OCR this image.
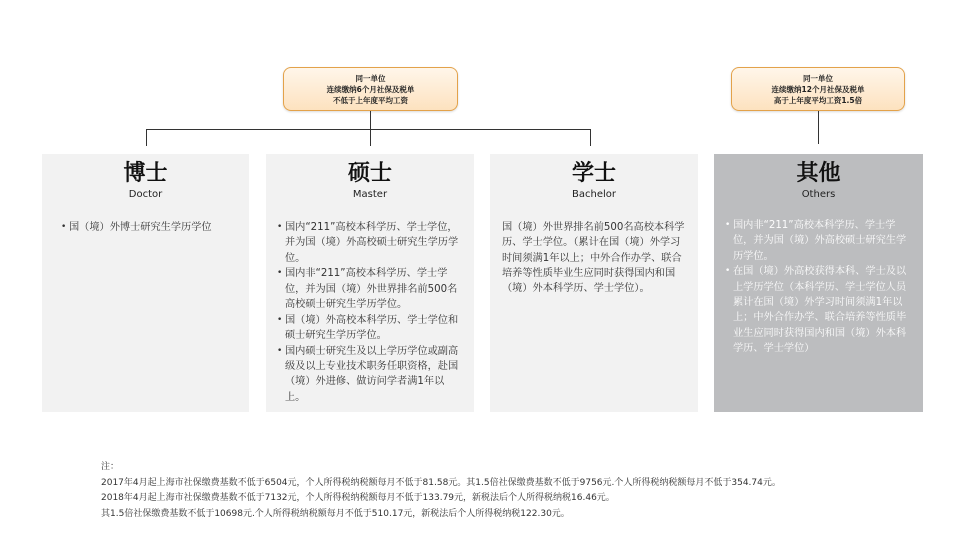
同一单位
连续缴纳6个月社保及税单
不低于上年度平均工资
同一单位
连续缴纳12个月社保及税单
高于上年度平均工资1.5倍
博士
Doctor
• 国（境）外博士研究生学历学位
硕士
Master
• 国内“211”高校本科学历、学士学位，并为国（境）外高校硕士研究生学历学位。
• 国内非“211”高校本科学历、学士学位，并为国（境）外世界排名前500名高校硕士研究生学历学位。
• 国（境）外高校本科学历、学士学位和硕士研究生学历学位。
• 国内硕士研究生及以上学历学位或副高级及以上专业技术职务任职资格，赴国（境）外进修、做访问学者满1年以上。
学士
Bachelor
国（境）外世界排名前500名高校本科学历、学士学位。（累计在国（境）外学习时间须满1年以上；中外合作办学、联合培养等性质毕业生应同时获得国内和国（境）外本科学历、学士学位）。
其他
Others
• 国内非“211”高校本科学历、学士学位，并为国（境）外高校硕士研究生学历学位。
• 在国（境）外高校获得本科、学士及以上学历学位（本科学历、学士学位人员累计在国（境）外学习时间须满1年以上；中外合作办学、联合培养等性质毕业生应同时获得国内和国（境）外本科学历、学士学位）
注：
2017年4月起上海市社保缴费基数不低于6504元，个人所得税纳税额每月不低于81.58元。其1.5倍社保缴费基数不低于9756元.个人所得税纳税额每月不低于354.74元。
2018年4月起上海市社保缴费基数不低于7132元，个人所得税纳税额每月不低于133.79元，新税法后个人所得税纳税16.46元。
其1.5倍社保缴费基数不低于10698元.个人所得税纳税额每月不低于510.17元，新税法后个人所得税纳税122.30元。
